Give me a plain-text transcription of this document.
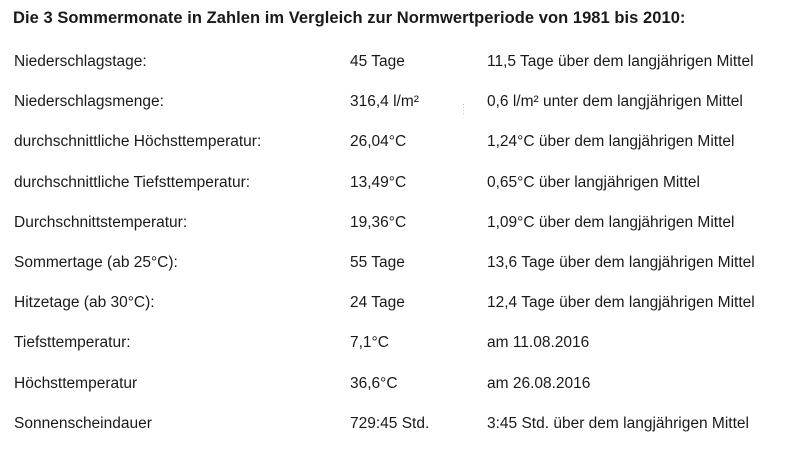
Die 3 Sommermonate in Zahlen im Vergleich zur Normwertperiode von 1981 bis 2010:
Niederschlagstage:	45 Tage	11,5 Tage über dem langjährigen Mittel
Niederschlagsmenge:	316,4 l/m²	0,6 l/m² unter dem langjährigen Mittel
durchschnittliche Höchsttemperatur:	26,04°C	1,24°C über dem langjährigen Mittel
durchschnittliche Tiefsttemperatur:	13,49°C	0,65°C über langjährigen Mittel
Durchschnittstemperatur:	19,36°C	1,09°C über dem langjährigen Mittel
Sommertage (ab 25°C):	55 Tage	13,6 Tage über dem langjährigen Mittel
Hitzetage (ab 30°C):	24 Tage	12,4 Tage über dem langjährigen Mittel
Tiefsttemperatur:	7,1°C	am 11.08.2016
Höchsttemperatur	36,6°C	am 26.08.2016
Sonnenscheindauer	729:45 Std.	3:45 Std. über dem langjährigen Mittel
